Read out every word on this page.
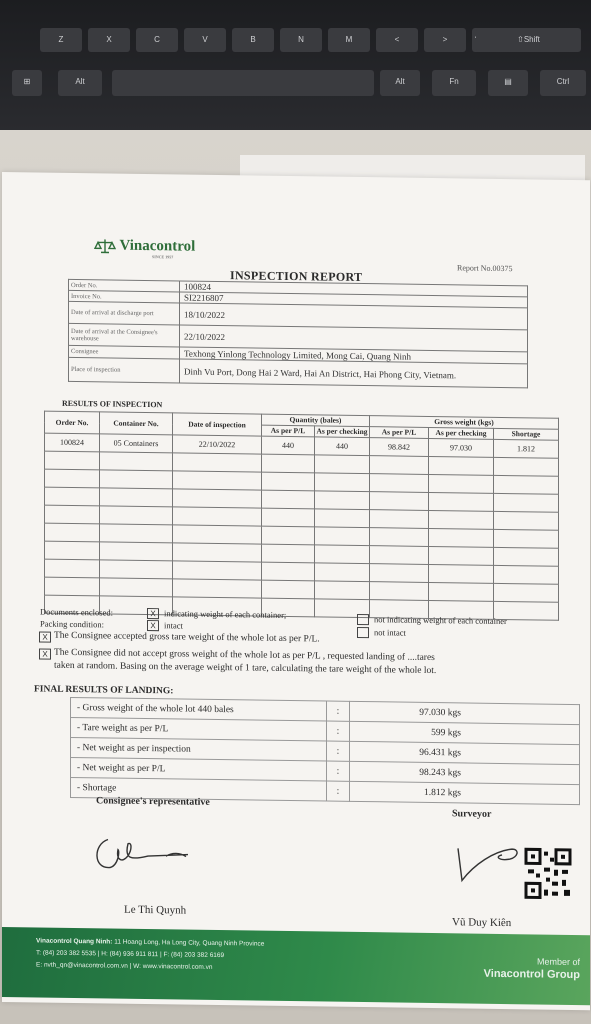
Z	X	C	V	B	N	M	<	>	⇧Shift
⊞	Alt	Alt	Fn	▤	Ctrl
Vinacontrol
SINCE 1957
Report No.00375
INSPECTION REPORT
Order No.	100824
Invoice No.	SI2216807
Date of arrival at discharge port	18/10/2022
Date of arrival at the Consignee's warehouse	22/10/2022
Consignee	Texhong Yinlong Technology Limited, Mong Cai, Quang Ninh
Place of inspection	Dinh Vu Port, Dong Hai 2 Ward, Hai An District, Hai Phong City, Vietnam.
RESULTS OF INSPECTION
Order No.	Container No.	Date of inspection	Quantity (bales)		Gross weight (kgs)		
			As per P/L	As per checking	As per P/L	As per checking	Shortage
100824	05 Containers	22/10/2022	440	440	98.842	97.030	1.812

Documents enclosed:	X indicating weight of each container;
not indicating weight of each container
Packing condition:	X intact
not intact
X The Consignee accepted gross tare weight of the whole lot as per P/L.
X The Consignee did not accept gross weight of the whole lot as per P/L , requested landing of ....tares
taken at random. Basing on the average weight of 1 tare, calculating the tare weight of the whole lot.
FINAL RESULTS OF LANDING:
- Gross weight of the whole lot 440 bales	:	97.030 kgs
- Tare weight as per P/L	:	599 kgs
- Net weight as per inspection	:	96.431 kgs
- Net weight as per P/L	:	98.243 kgs
- Shortage	:	1.812 kgs
Consignee's representative
Surveyor
Le Thi Quynh
Vũ Duy Kiên
Vinacontrol Quang Ninh: 11 Hoang Long, Ha Long City, Quang Ninh Province
T: (84) 203 382 5535 | H: (84) 936 911 811 | F: (84) 203 382 6169
E: nvth_qn@vinacontrol.com.vn | W: www.vinacontrol.com.vn	Member of
Vinacontrol Group
